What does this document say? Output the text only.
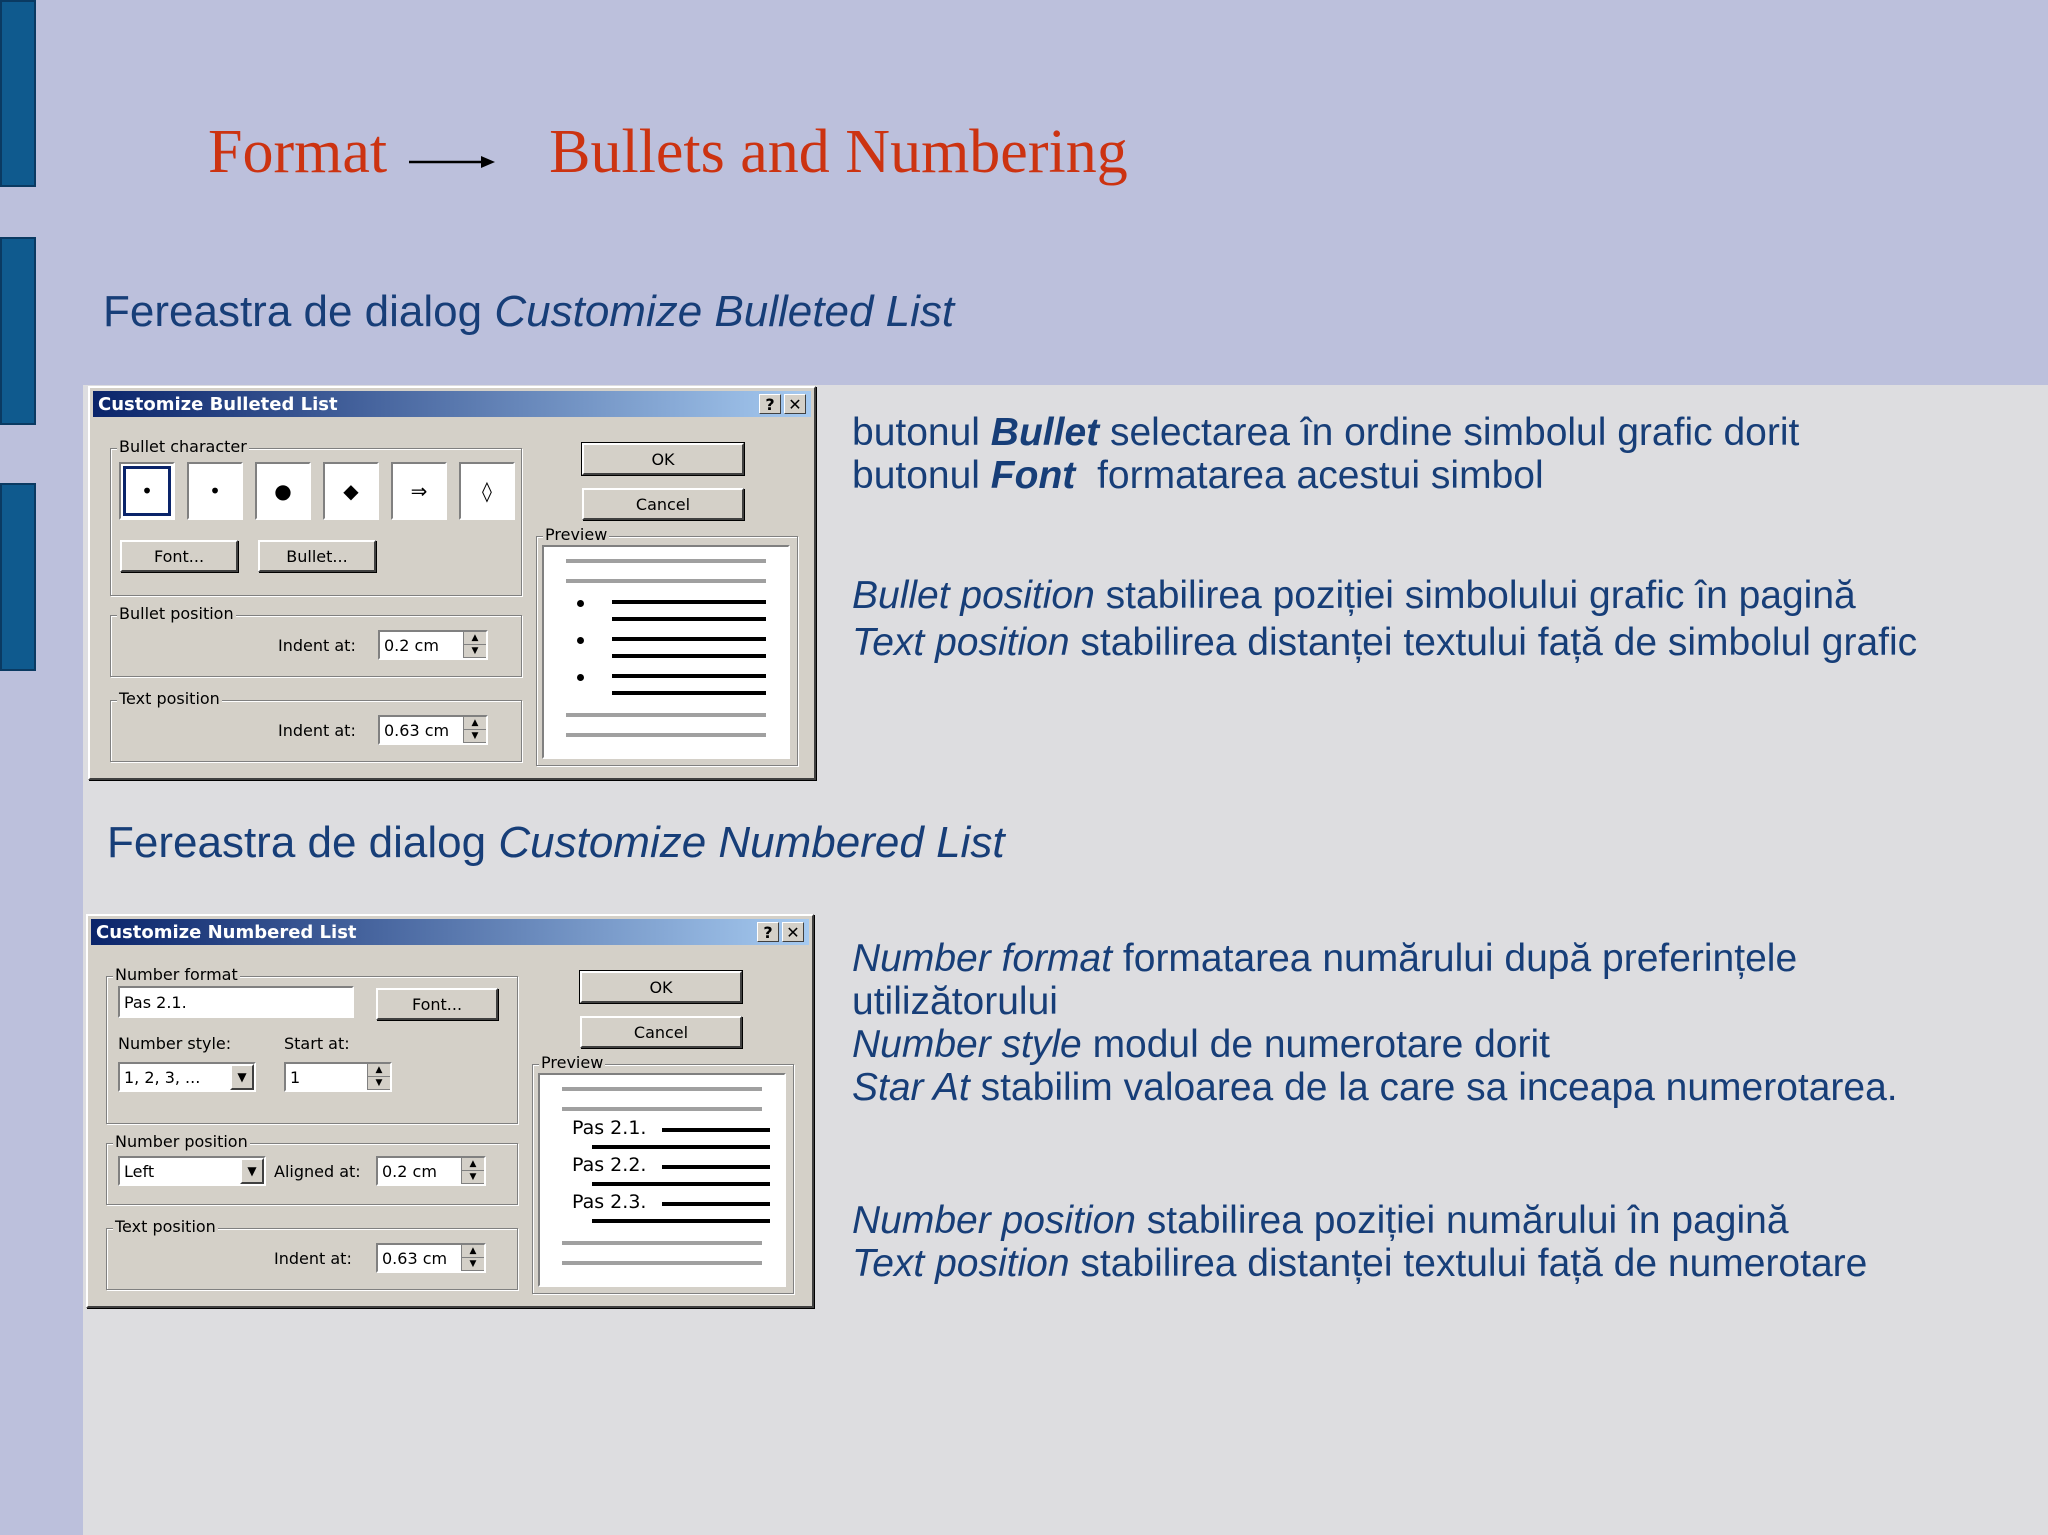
Format	Bullets and Numbering
Fereastra de dialog Customize Bulleted List
Fereastra de dialog Customize Numbered List
Customize Bulleted List	? ✕
Bullet character
•	•	●	◆	⇒	◊
Font...	Bullet...
Bullet position
Indent at: 0.2 cm	▲
▼
Text position
Indent at: 0.63 cm	▲
▼
OK
Cancel
Preview
butonul Bullet selectarea în ordine simbolul grafic dorit
butonul Font formatarea acestui simbol
Bullet position stabilirea poziției simbolului grafic în pagină
Text position stabilirea distanței textului față de simbolul grafic
Customize Numbered List	? ✕
Number format
Pas 2.1.	Font...
Number style:	Start at:
1, 2, 3, ...	▼	1	▲
▼
Number position
Left	▼	Aligned at: 0.2 cm	▲
▼
Text position
Indent at: 0.63 cm	▲
▼
OK
Cancel
Preview
Pas 2.1.
Pas 2.2.
Pas 2.3.
Number format formatarea numărului după preferințele
utilizătorului
Number style modul de numerotare dorit
Star At stabilim valoarea de la care sa inceapa numerotarea.
Number position stabilirea poziției numărului în pagină
Text position stabilirea distanței textului față de numerotare
